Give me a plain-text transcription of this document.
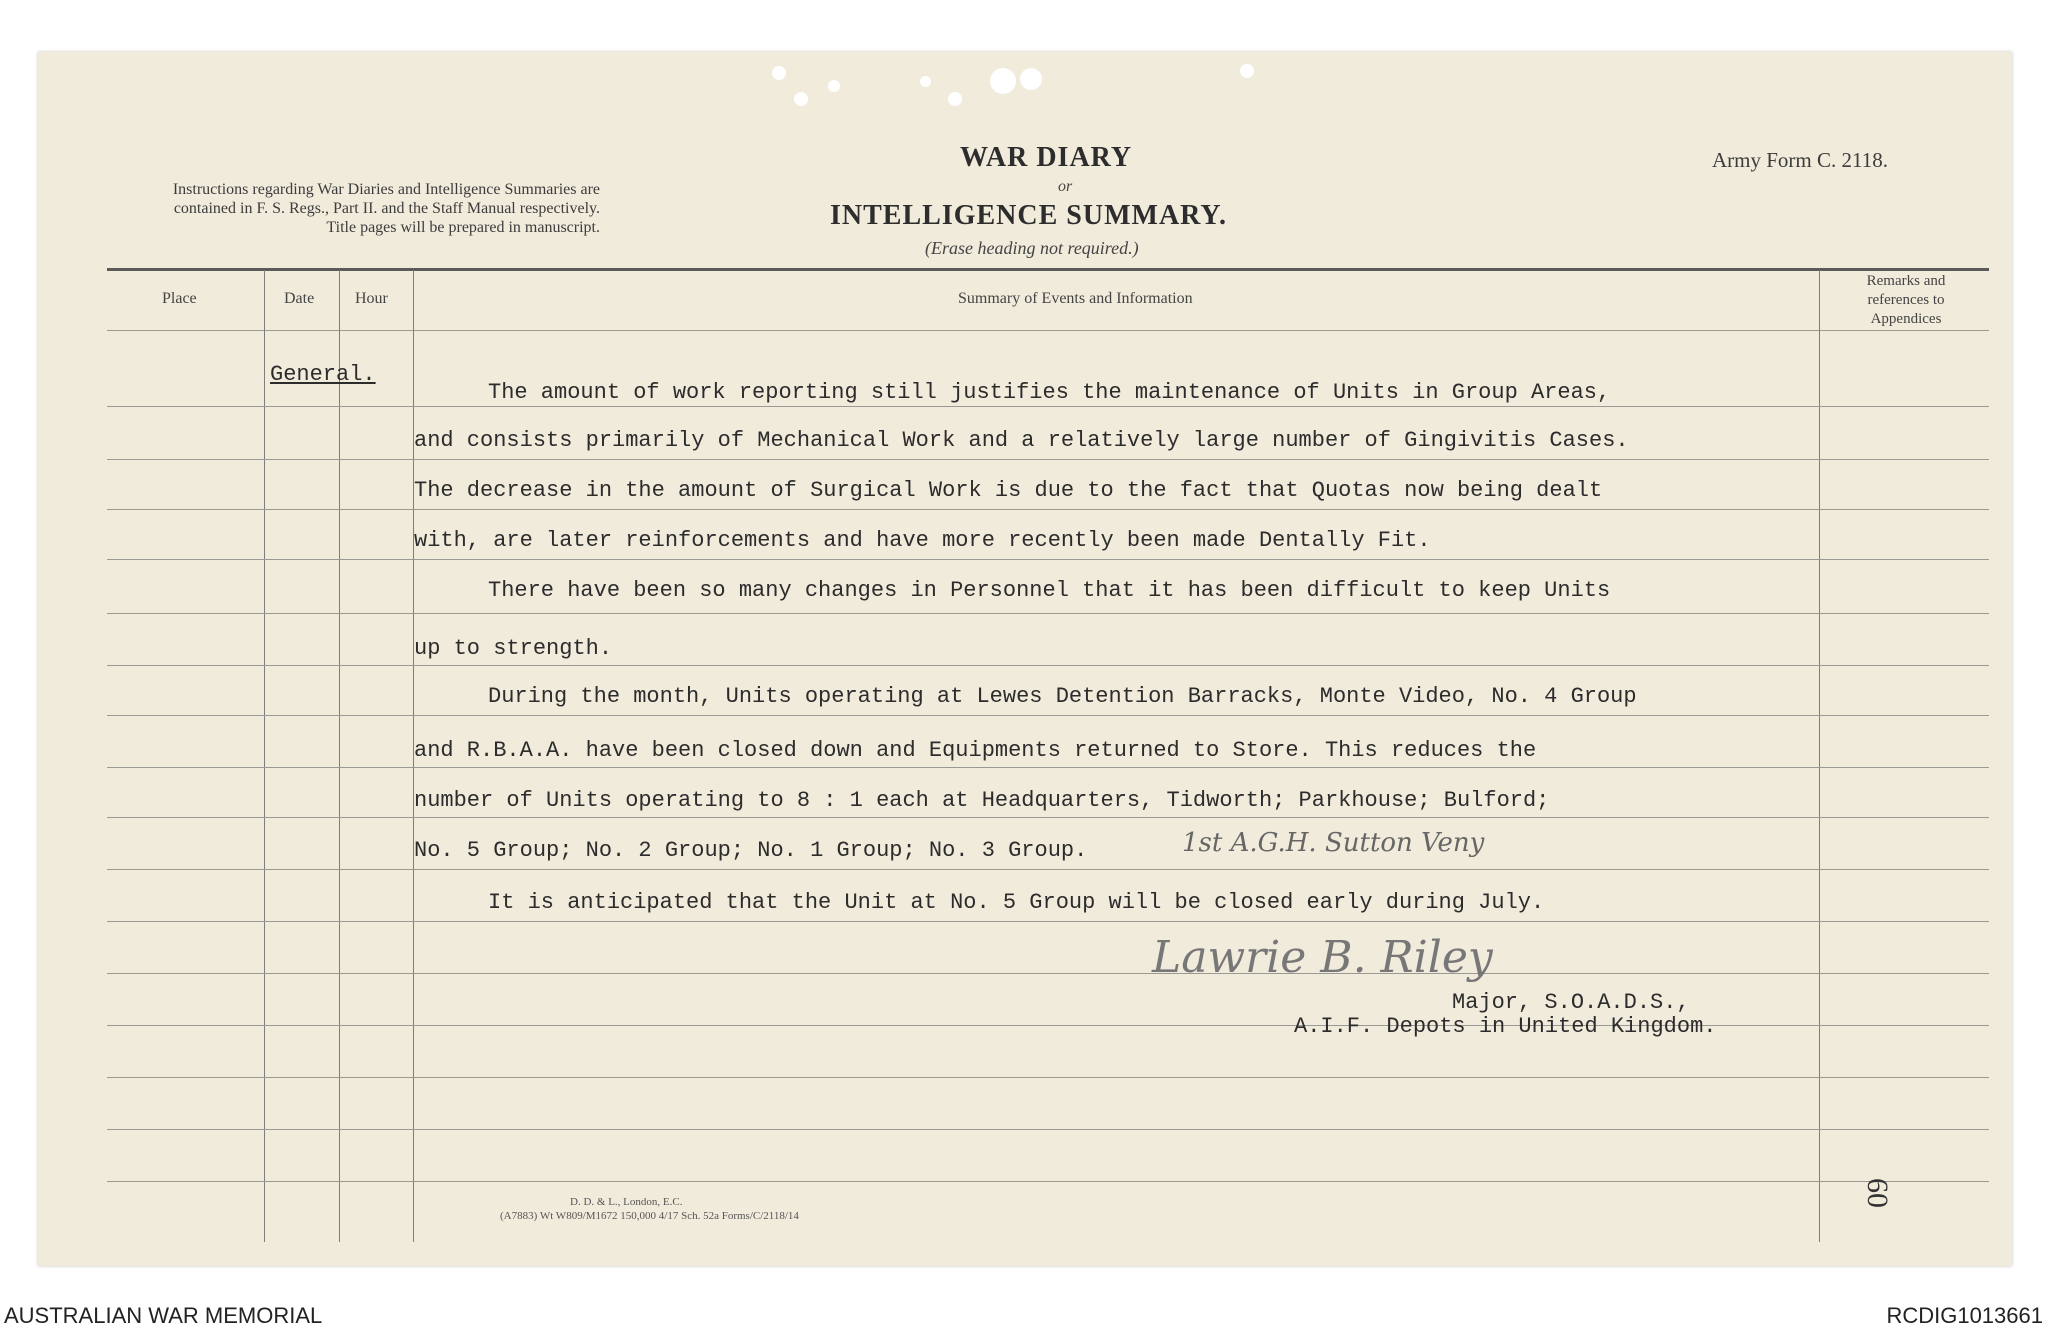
Instructions regarding War Diaries and Intelligence Summaries are contained in F. S. Regs., Part II. and the Staff Manual respectively. Title pages will be prepared in manuscript.
WAR DIARY
or
INTELLIGENCE SUMMARY.
(Erase heading not required.)
Army Form C. 2118.
Place	Date	Hour	Summary of Events and Information
Remarks and references to Appendices
General.
The amount of work reporting still justifies the maintenance of Units in Group Areas,
and consists primarily of Mechanical Work and a relatively large number of Gingivitis Cases.
The decrease in the amount of Surgical Work is due to the fact that Quotas now being dealt
with, are later reinforcements and have more recently been made Dentally Fit.
There have been so many changes in Personnel that it has been difficult to keep Units
up to strength.
During the month, Units operating at Lewes Detention Barracks, Monte Video, No. 4 Group
and R.B.A.A. have been closed down and Equipments returned to Store. This reduces the
number of Units operating to 8 : 1 each at Headquarters, Tidworth; Parkhouse; Bulford;
No. 5 Group; No. 2 Group; No. 1 Group; No. 3 Group.	1st A.G.H. Sutton Veny
It is anticipated that the Unit at No. 5 Group will be closed early during July.
Lawrie B. Riley
Major, S.O.A.D.S.,
A.I.F. Depots in United Kingdom.
D. D. & L., London, E.C.
(A7883) Wt W809/M1672 150,000 4/17 Sch. 52a Forms/C/2118/14
60
AUSTRALIAN WAR MEMORIAL	RCDIG1013661
